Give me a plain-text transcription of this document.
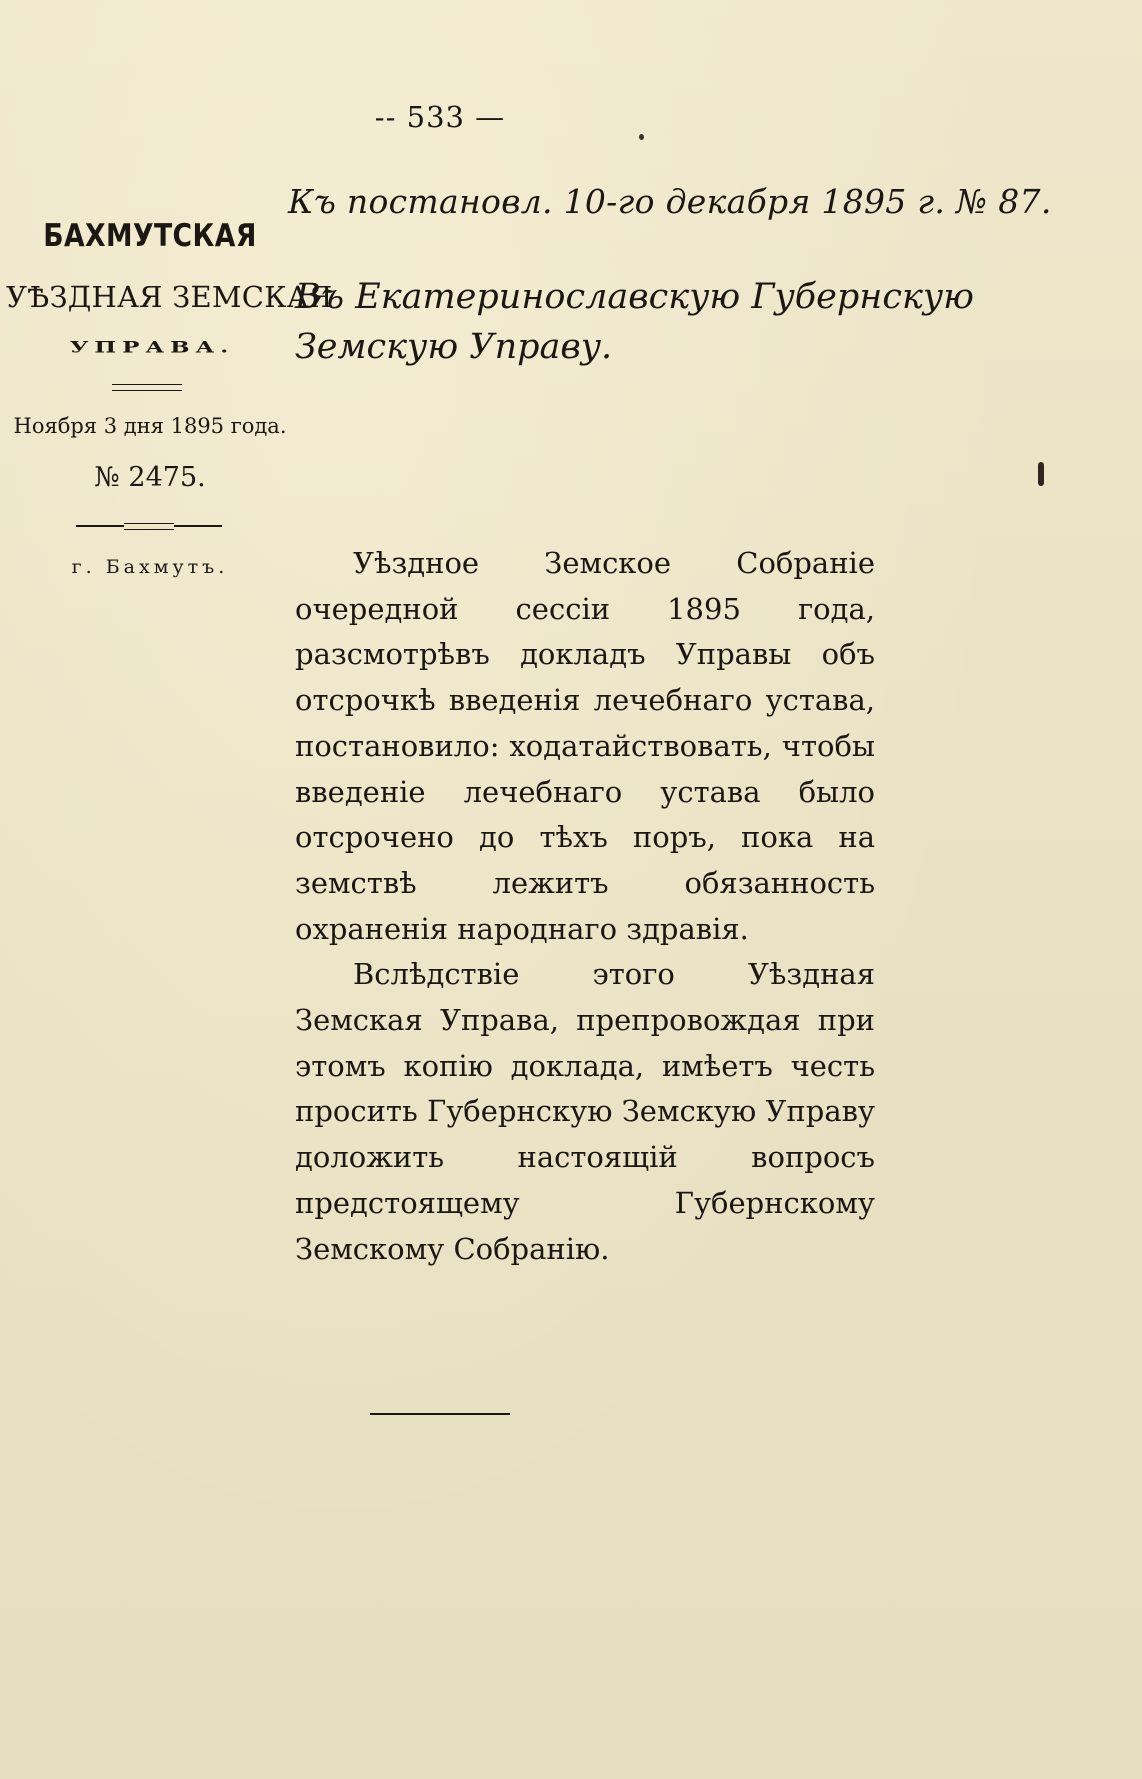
-- 533 —
Къ постановл. 10-го декабря 1895 г. № 87.
Въ Екатеринославскую Губернскую
Земскую Управу.
БАХМУТСКАЯ
УѢЗДНАЯ ЗЕМСКАЯ
УПРАВА.
Ноября 3 дня 1895 года.
№ 2475.
г. Бахмутъ.	Уѣздное Земское Собраніе очередной сессіи 1895 года, разсмотрѣвъ докладъ Управы объ отсрочкѣ введенія лечебнаго устава, постановило: ходатайствовать, чтобы введеніе лечебнаго устава было отсрочено до тѣхъ поръ, пока на земствѣ лежитъ обязанность охраненія народнаго здравія.

Вслѣдствіе этого Уѣздная Земская Управа, препровождая при этомъ копію доклада, имѣетъ честь просить Губернскую Земскую Управу доложить настоящій вопросъ предстоящему Губернскому Земскому Собранію.
